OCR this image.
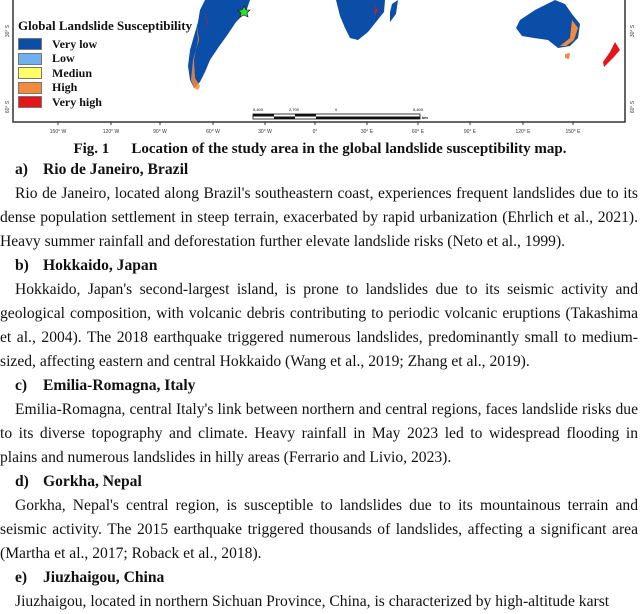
5,400	2,700	0	5,400
km
150° W	120° W	90° W	60° W	30° W	0°	30° E	60° E	90° E	120° E	150° E
30° S	30° S
60° S	60° S
Global Landslide Susceptibility
Very low
Low
Mediun
High
Very high
Fig. 1 Location of the study area in the global landslide susceptibility map.
a) Rio de Janeiro, Brazil
Rio de Janeiro, located along Brazil's southeastern coast, experiences frequent landslides due to its dense population settlement in steep terrain, exacerbated by rapid urbanization (Ehrlich et al., 2021). Heavy summer rainfall and deforestation further elevate landslide risks (Neto et al., 1999).
b) Hokkaido, Japan
Hokkaido, Japan's second-largest island, is prone to landslides due to its seismic activity and geological composition, with volcanic debris contributing to periodic volcanic eruptions (Takashima et al., 2004). The 2018 earthquake triggered numerous landslides, predominantly small to medium-sized, affecting eastern and central Hokkaido (Wang et al., 2019; Zhang et al., 2019).
c) Emilia-Romagna, Italy
Emilia-Romagna, central Italy's link between northern and central regions, faces landslide risks due to its diverse topography and climate. Heavy rainfall in May 2023 led to widespread flooding in plains and numerous landslides in hilly areas (Ferrario and Livio, 2023).
d) Gorkha, Nepal
Gorkha, Nepal's central region, is susceptible to landslides due to its mountainous terrain and seismic activity. The 2015 earthquake triggered thousands of landslides, affecting a significant area (Martha et al., 2017; Roback et al., 2018).
e) Jiuzhaigou, China
Jiuzhaigou, located in northern Sichuan Province, China, is characterized by high-altitude karst
